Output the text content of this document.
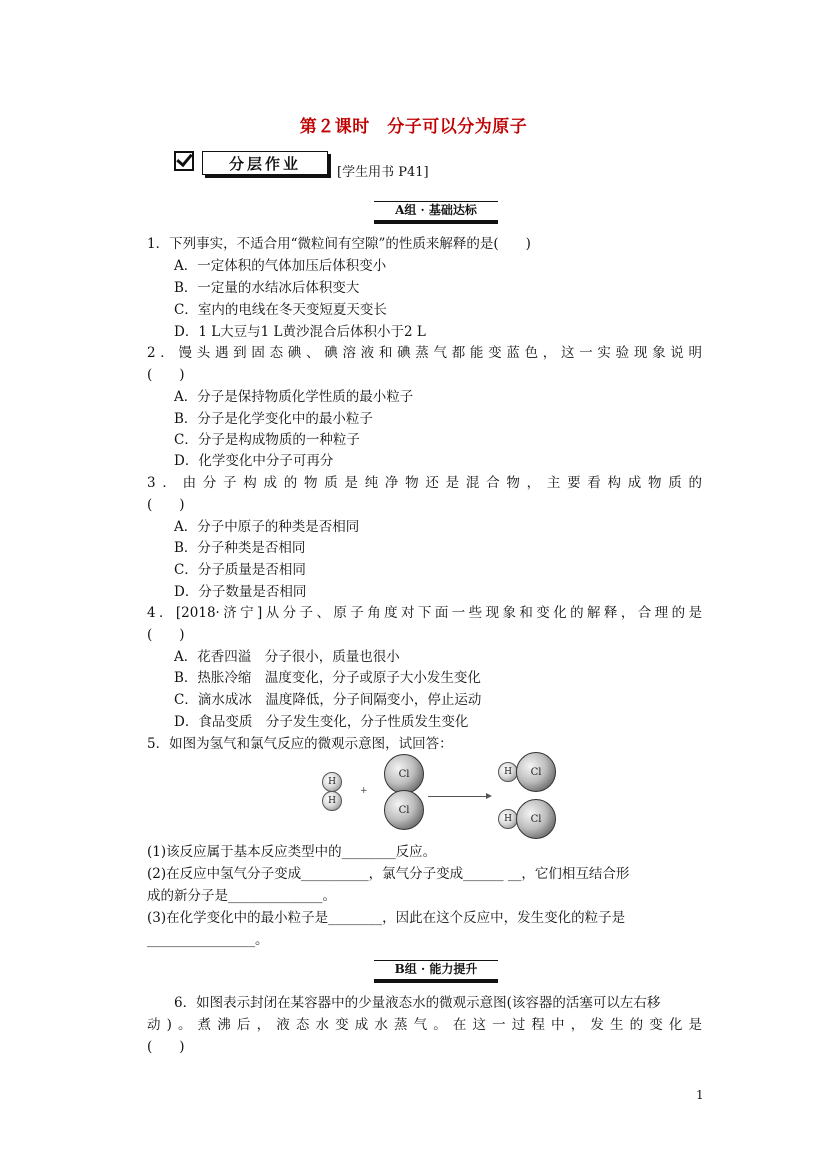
第２课时　分子可以分为原子
分层作业	[学生用书 P41]
A组 · 基础达标
1．下列事实，不适合用“微粒间有空隙”的性质来解释的是(　　)
A．一定体积的气体加压后体积变小
B．一定量的水结冰后体积变大
C．室内的电线在冬天变短夏天变长
D．1 L大豆与1 L黄沙混合后体积小于2 L
2．馒头遇到固态碘、碘溶液和碘蒸气都能变蓝色，这一实验现象说明
(　　)
A．分子是保持物质化学性质的最小粒子
B．分子是化学变化中的最小粒子
C．分子是构成物质的一种粒子
D．化学变化中分子可再分
3．由分子构成的物质是纯净物还是混合物，主要看构成物质的
(　　)
A．分子中原子的种类是否相同
B．分子种类是否相同
C．分子质量是否相同
D．分子数量是否相同
4．[2018·济宁]从分子、原子角度对下面一些现象和变化的解释，合理的是
(　　)
A．花香四溢　分子很小，质量也很小
B．热胀冷缩　温度变化，分子或原子大小发生变化
C．滴水成冰　温度降低，分子间隔变小，停止运动
D．食品变质　分子发生变化，分子性质发生变化
5．如图为氢气和氯气反应的微观示意图，试回答：
H
H
+
Cl
Cl
H Cl
H Cl
(1)该反应属于基本反应类型中的________反应。
(2)在反应中氢气分子变成__________，氯气分子变成______ __，它们相互结合形
成的新分子是______________。
(3)在化学变化中的最小粒子是________，因此在这个反应中，发生变化的粒子是
________________。
B组 · 能力提升
6．如图表示封闭在某容器中的少量液态水的微观示意图(该容器的活塞可以左右移
动)。煮沸后，液态水变成水蒸气。在这一过程中，发生的变化是
(　　)
1
